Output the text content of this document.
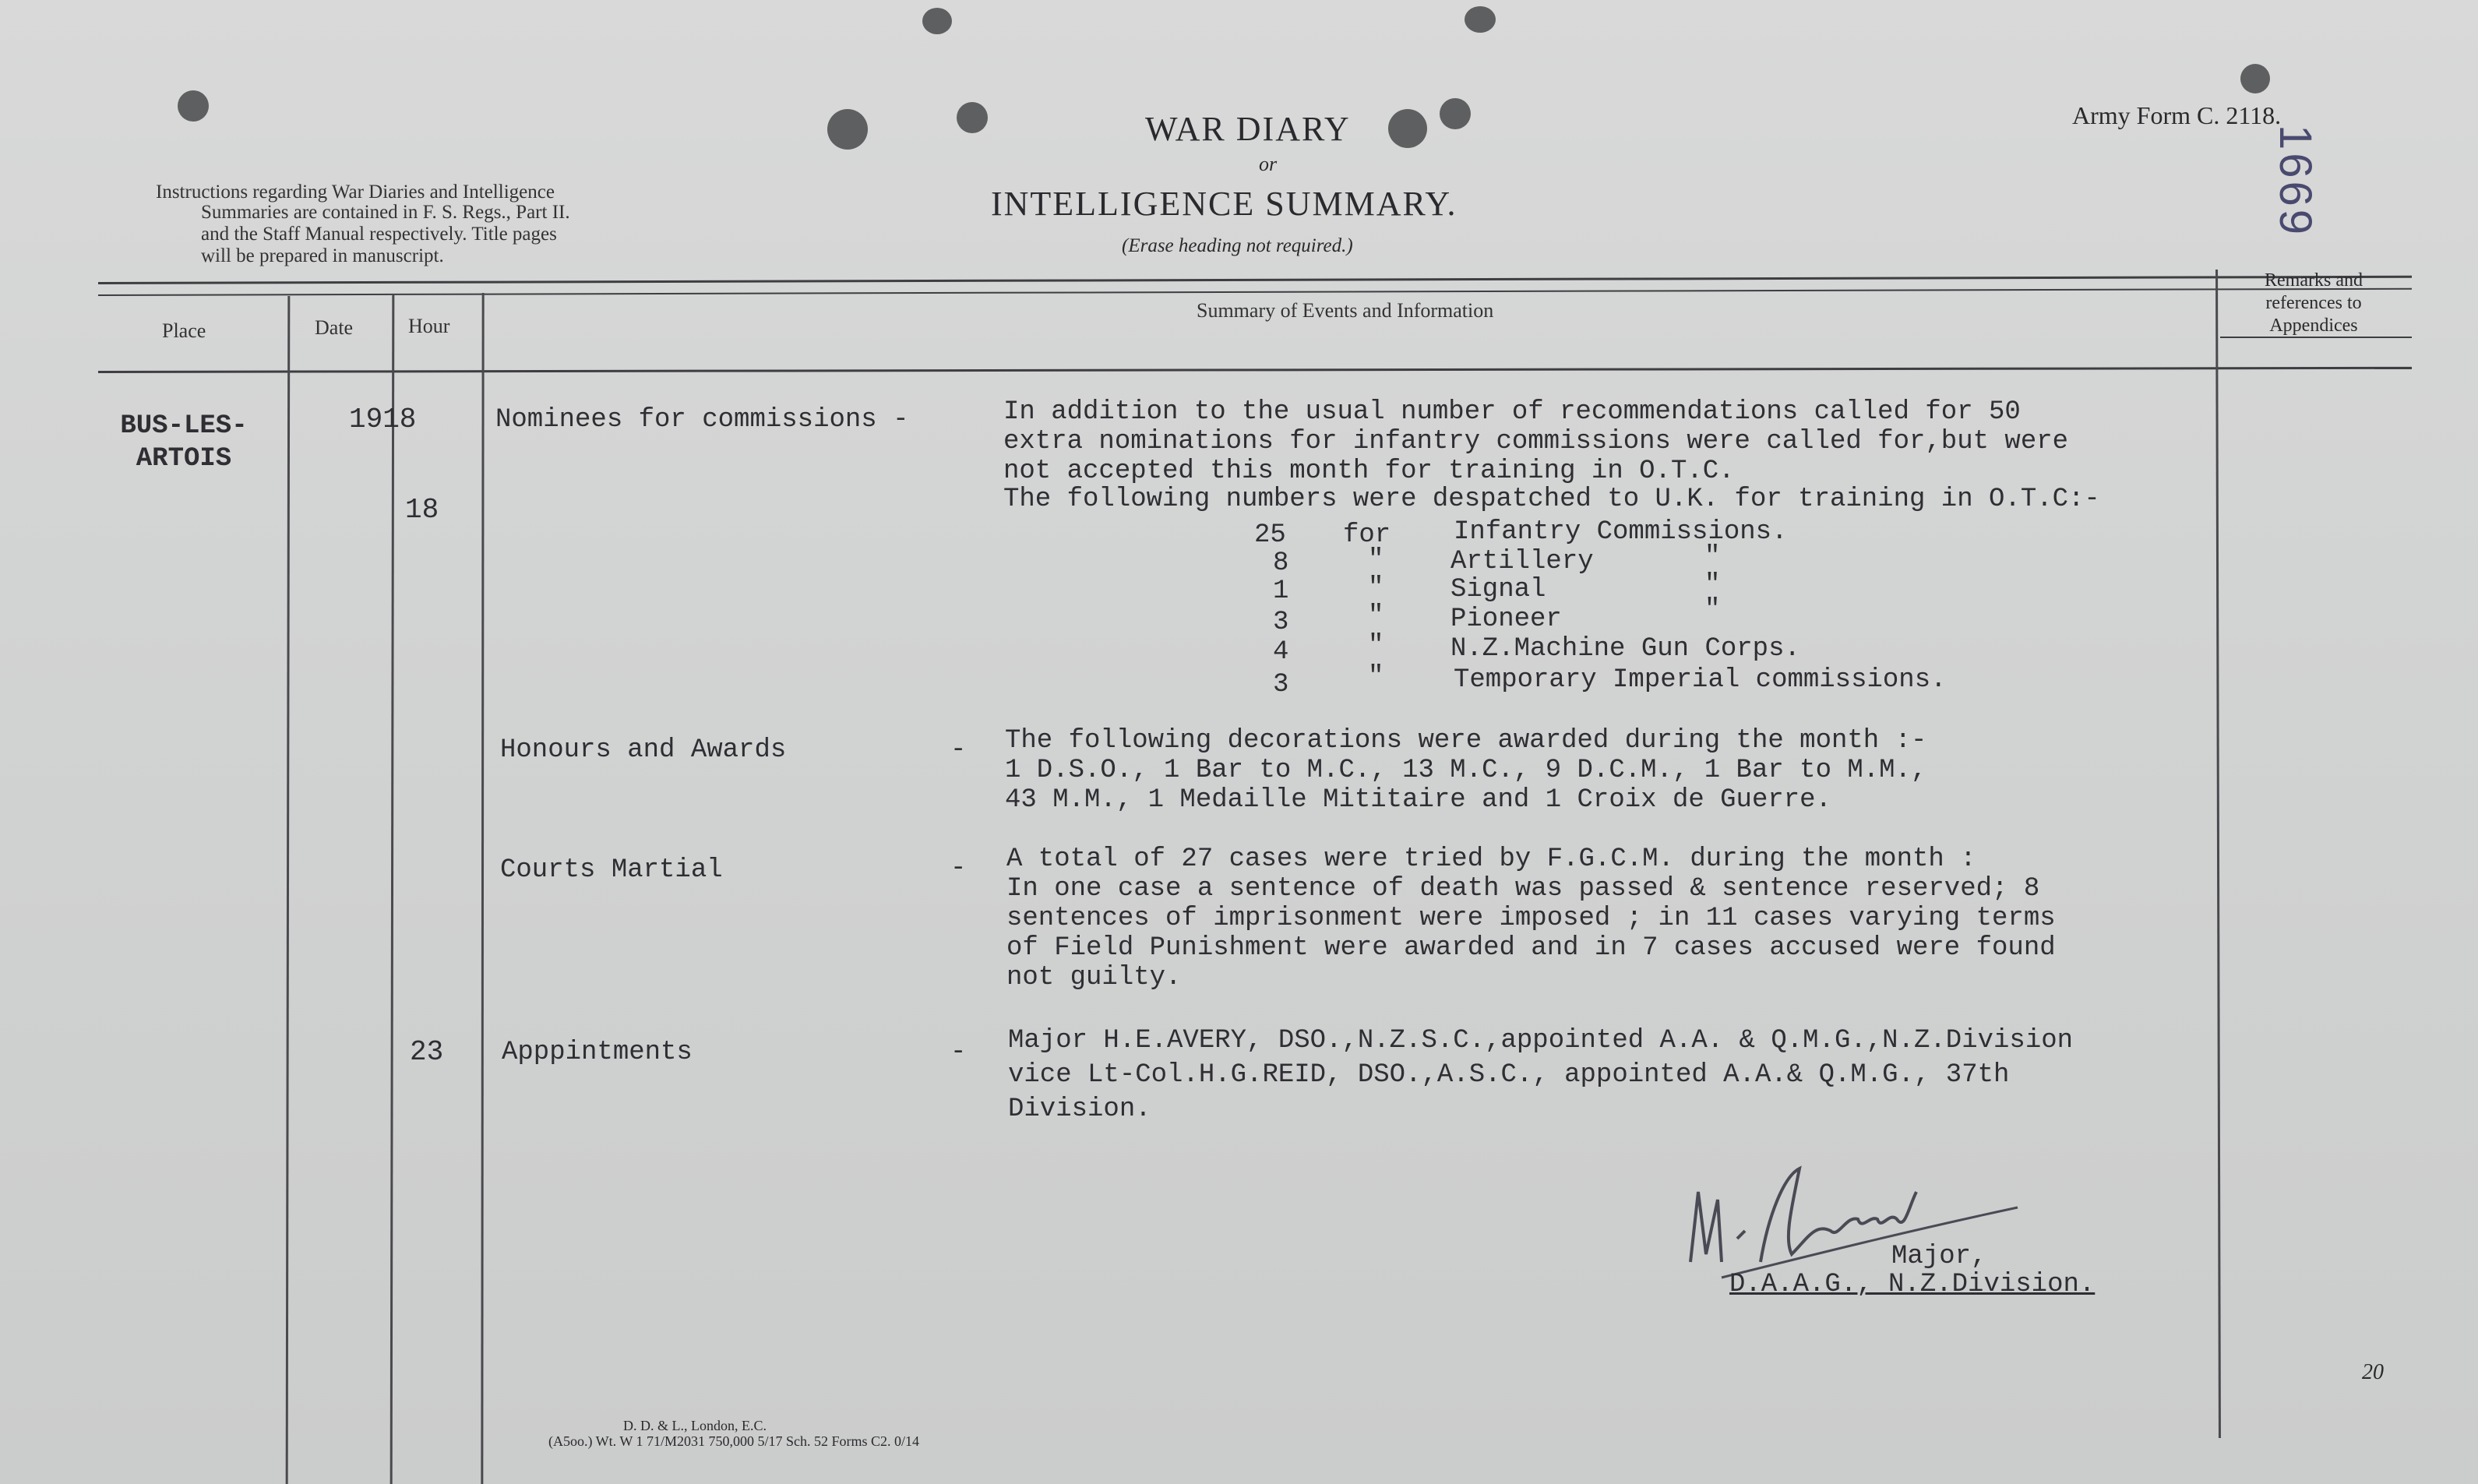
Instructions regarding War Diaries and Intelligence
Summaries are contained in F. S. Regs., Part II.
and the Staff Manual respectively. Title pages
will be prepared in manuscript.
WAR DIARY
or
INTELLIGENCE SUMMARY.
(Erase heading not required.)
Army Form C. 2118.
1669
Place	Date	Hour
Summary of Events and Information
Remarks and
references to
Appendices
BUS-LES-
ARTOIS
1918
18
23
Nominees for commissions -	In addition to the usual number of recommendations called for 50
extra nominations for infantry commissions were called for,but were
not accepted this month for training in O.T.C.
The following numbers were despatched to U.K. for training in O.T.C:-
25 for Infantry Commissions.
8	"	Artillery	"
1	"	Signal	"
3	"	Pioneer	"
4	"	N.Z.Machine Gun Corps.
3	"	Temporary Imperial commissions.
Honours and Awards	- The following decorations were awarded during the month :-
1 D.S.O., 1 Bar to M.C., 13 M.C., 9 D.C.M., 1 Bar to M.M.,
43 M.M., 1 Medaille Mititaire and 1 Croix de Guerre.
Courts Martial	- A total of 27 cases were tried by F.G.C.M. during the month :
In one case a sentence of death was passed & sentence reserved; 8
sentences of imprisonment were imposed ; in 11 cases varying terms
of Field Punishment were awarded and in 7 cases accused were found
not guilty.
Apppintments	- Major H.E.AVERY, DSO.,N.Z.S.C.,appointed A.A. & Q.M.G.,N.Z.Division
vice Lt-Col.H.G.REID, DSO.,A.S.C., appointed A.A.& Q.M.G., 37th
Division.
Major,
D.A.A.G., N.Z.Division.
20
D. D. & L., London, E.C.
(A5oo.) Wt. W 1 71/M2031 750,000 5/17 Sch. 52 Forms C2. 0/14
